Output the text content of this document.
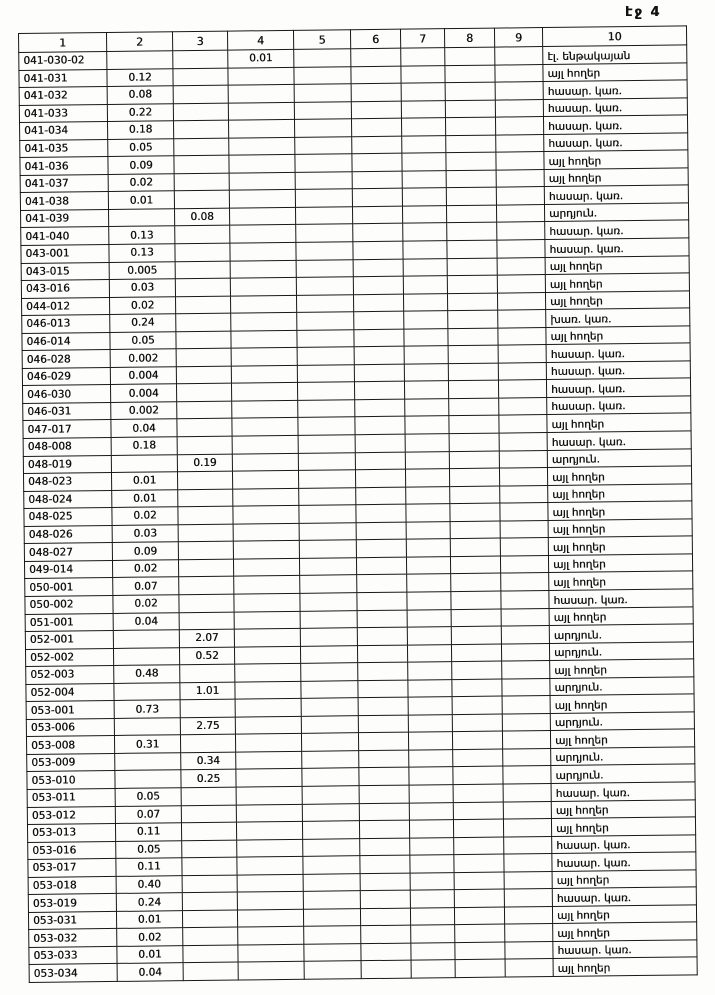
էջ 4
1	2	3	4	5	6	7	8	9	10
041-030-02			0.01						էլ. ենթակայան
041-031	0.12								այլ հողեր
041-032	0.08								հասար. կառ.
041-033	0.22								հասար. կառ.
041-034	0.18								հասար. կառ.
041-035	0.05								հասար. կառ.
041-036	0.09								այլ հողեր
041-037	0.02								այլ հողեր
041-038	0.01								հասար. կառ.
041-039		0.08							արդյուն.
041-040	0.13								հասար. կառ.
043-001	0.13								հասար. կառ.
043-015	0.005								այլ հողեր
043-016	0.03								այլ հողեր
044-012	0.02								այլ հողեր
046-013	0.24								խառ. կառ.
046-014	0.05								այլ հողեր
046-028	0.002								հասար. կառ.
046-029	0.004								հասար. կառ.
046-030	0.004								հասար. կառ.
046-031	0.002								հասար. կառ.
047-017	0.04								այլ հողեր
048-008	0.18								հասար. կառ.
048-019		0.19							արդյուն.
048-023	0.01								այլ հողեր
048-024	0.01								այլ հողեր
048-025	0.02								այլ հողեր
048-026	0.03								այլ հողեր
048-027	0.09								այլ հողեր
049-014	0.02								այլ հողեր
050-001	0.07								այլ հողեր
050-002	0.02								հասար. կառ.
051-001	0.04								այլ հողեր
052-001		2.07							արդյուն.
052-002		0.52							արդյուն.
052-003	0.48								այլ հողեր
052-004		1.01							արդյուն.
053-001	0.73								այլ հողեր
053-006		2.75							արդյուն.
053-008	0.31								այլ հողեր
053-009		0.34							արդյուն.
053-010		0.25							արդյուն.
053-011	0.05								հասար. կառ.
053-012	0.07								այլ հողեր
053-013	0.11								այլ հողեր
053-016	0.05								հասար. կառ.
053-017	0.11								հասար. կառ.
053-018	0.40								այլ հողեր
053-019	0.24								հասար. կառ.
053-031	0.01								այլ հողեր
053-032	0.02								այլ հողեր
053-033	0.01								հասար. կառ.
053-034	0.04								այլ հողեր
